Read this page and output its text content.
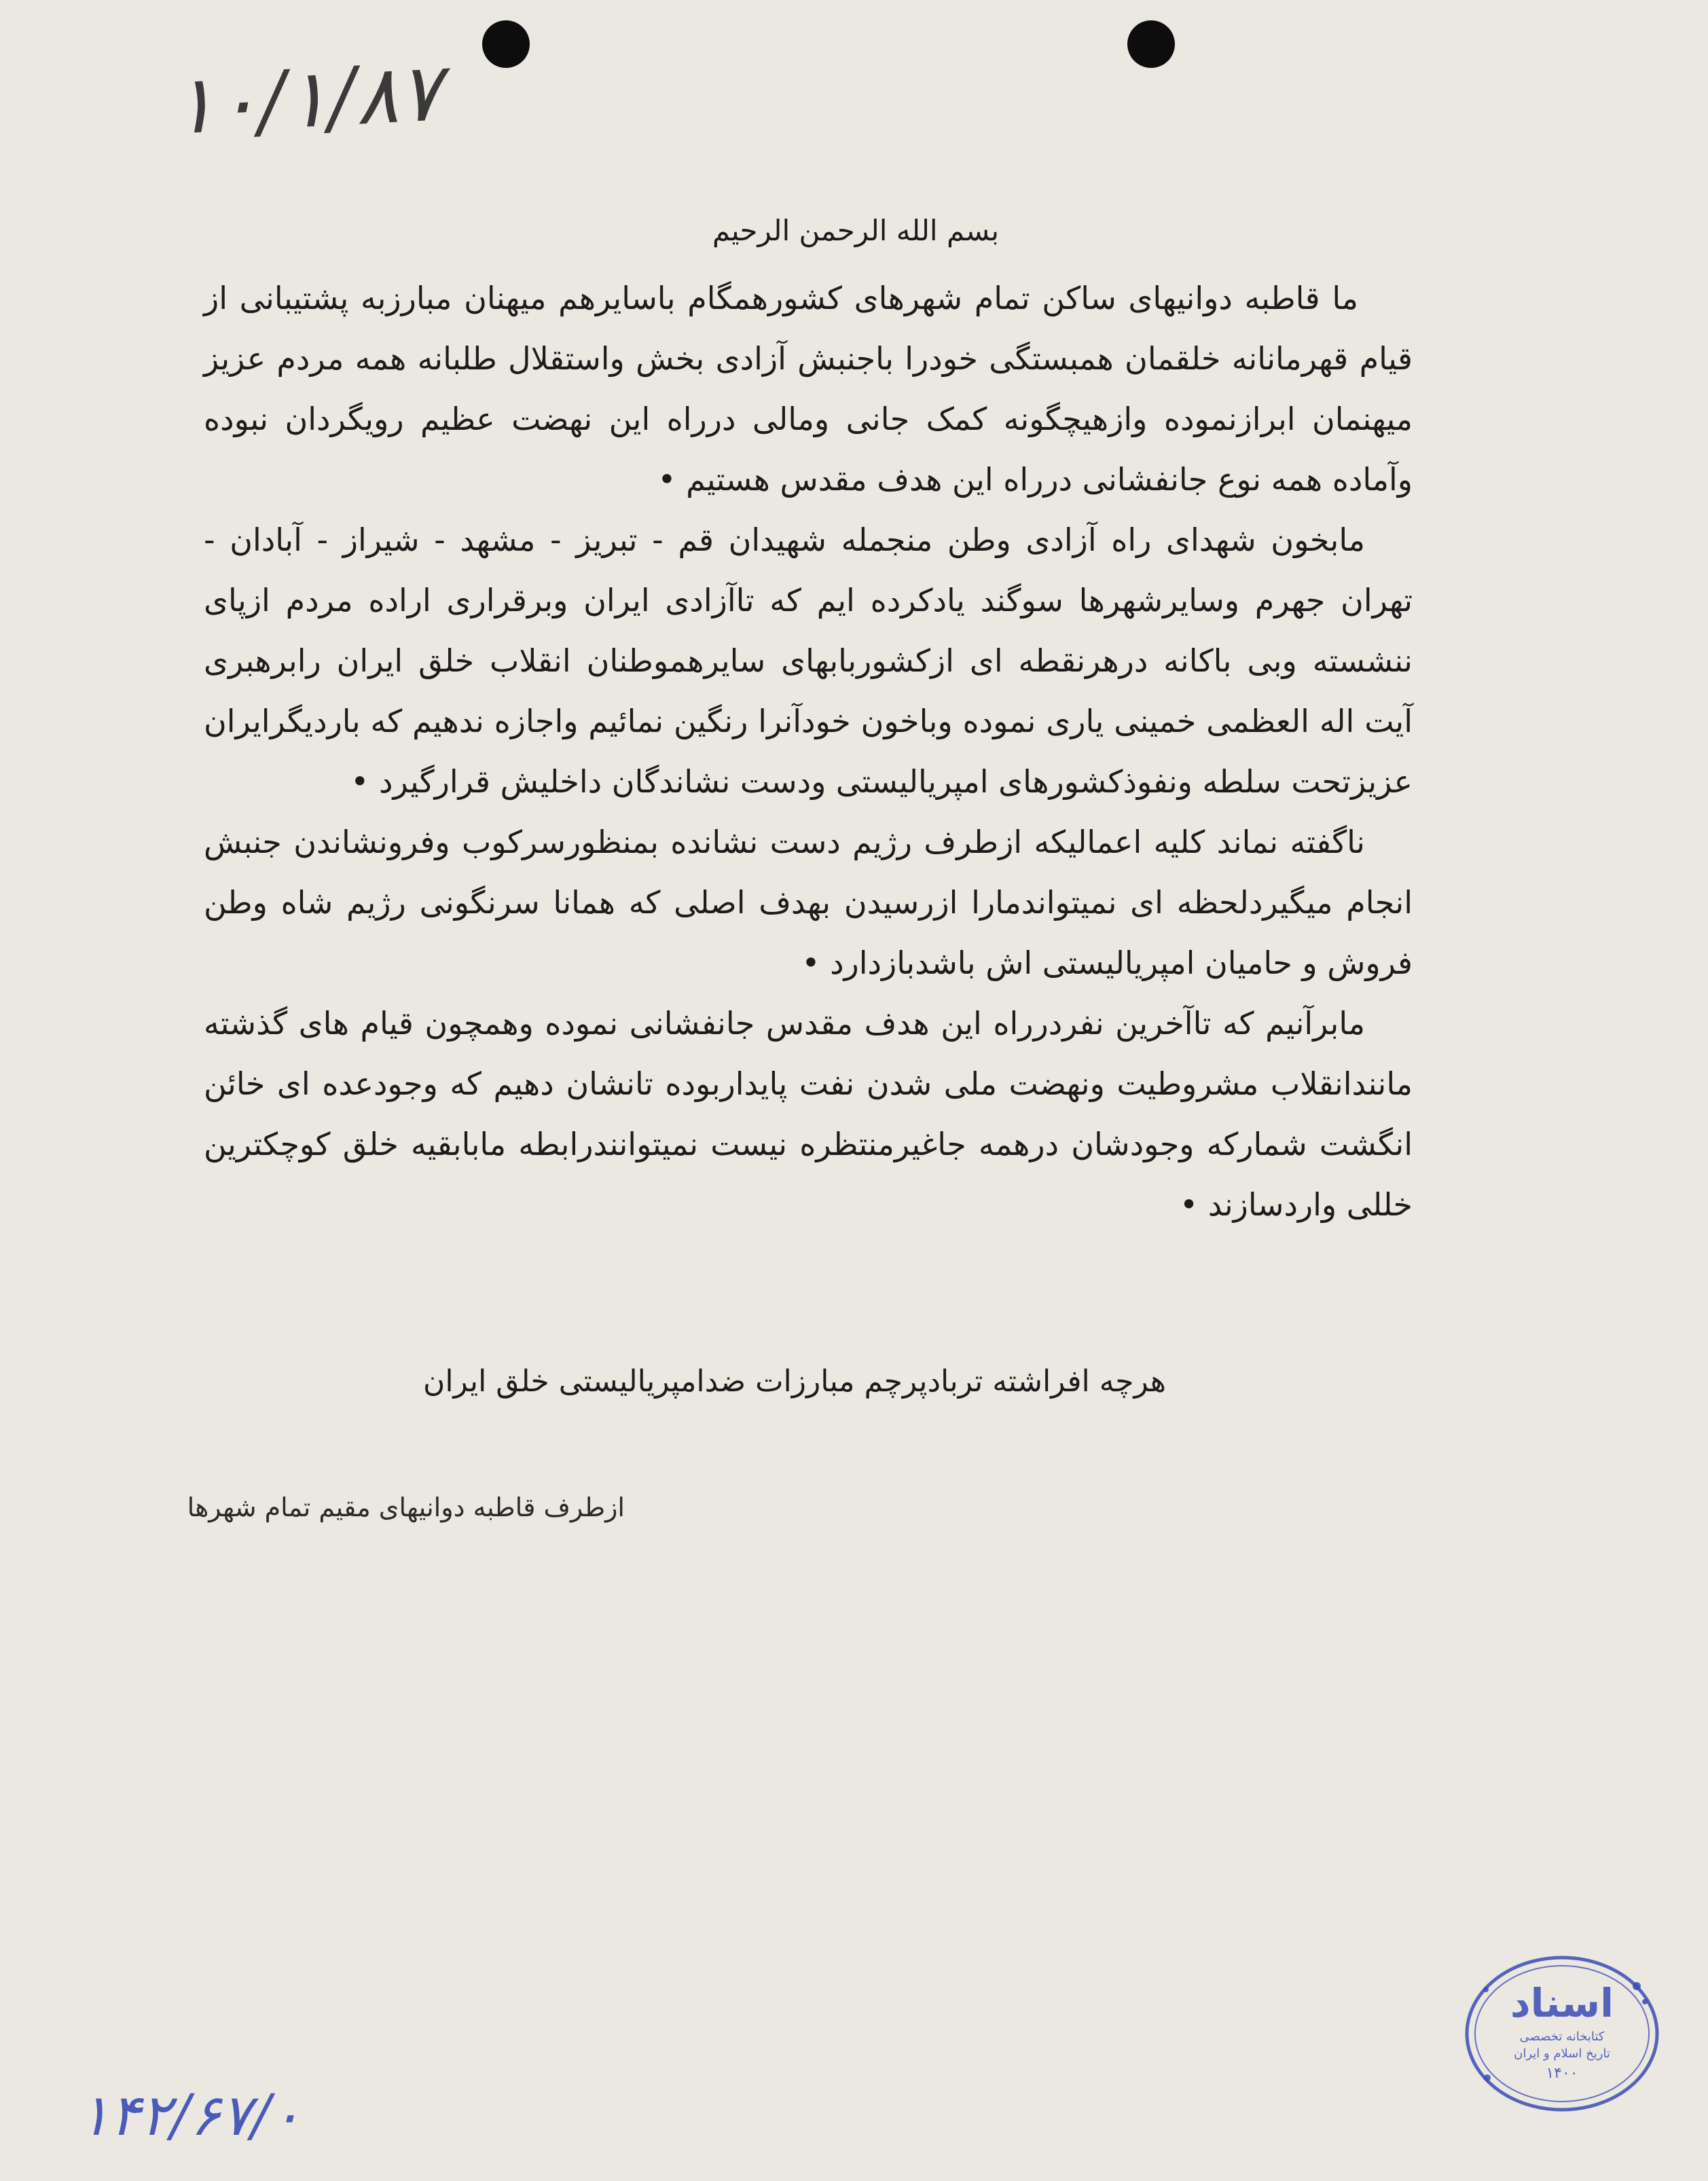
۱۰/۱/۸۷
بسم الله الرحمن الرحیم

ما قاطبه دوانیهای ساکن تمام شهرهای کشورهمگام باسایرهم میهنان مبارزبه پشتیبانی از قیام قهرمانانه خلقمان همبستگی خودرا باجنبش آزادی بخش واستقلال طلبانه همه مردم عزیز میهنمان ابرازنموده وازهیچگونه کمک جانی ومالی درراه این نهضت عظیم رویگردان نبوده وآماده همه نوع جانفشانی درراه این هدف مقدس هستیم •

مابخون شهدای راه آزادی وطن منجمله شهیدان قم - تبریز - مشهد - شیراز - آبادان - تهران جهرم وسایرشهرها سوگند یادکرده ایم که تاآزادی ایران وبرقراری اراده مردم ازپای ننشسته وبی باکانه درهرنقطه ای ازکشوربابهای سایرهموطنان انقلاب خلق ایران رابرهبری آیت اله العظمی خمینی یاری نموده وباخون خودآنرا رنگین نمائیم واجازه ندهیم که باردیگرایران عزیزتحت سلطه ونفوذکشورهای امپریالیستی ودست نشاندگان داخلیش قرارگیرد •

ناگفته نماند کلیه اعمالیکه ازطرف رژیم دست نشانده بمنظورسرکوب وفرونشاندن جنبش انجام میگیردلحظه ای نمیتواندمارا ازرسیدن بهدف اصلی که همانا سرنگونی رژیم شاه وطن فروش و حامیان امپریالیستی اش باشدبازدارد •

مابرآنیم که تاآخرین نفردرراه این هدف مقدس جانفشانی نموده وهمچون قیام های گذشته مانندانقلاب مشروطیت ونهضت ملی شدن نفت پایداربوده تانشان دهیم که وجودعده ای خائن انگشت شمارکه وجودشان درهمه جاغیرمنتظره نیست نمیتوانندرابطه مابابقیه خلق کوچکترین خللی واردسازند •

هرچه افراشته تربادپرچم مبارزات ضدامپریالیستی خلق ایران
ازطرف قاطبه دوانیهای مقیم تمام شهرها
اسناد
کتابخانه تخصصی
تاریخ اسلام و ایران
۱۴۰۰
۱۴۲/۶۷/۰
